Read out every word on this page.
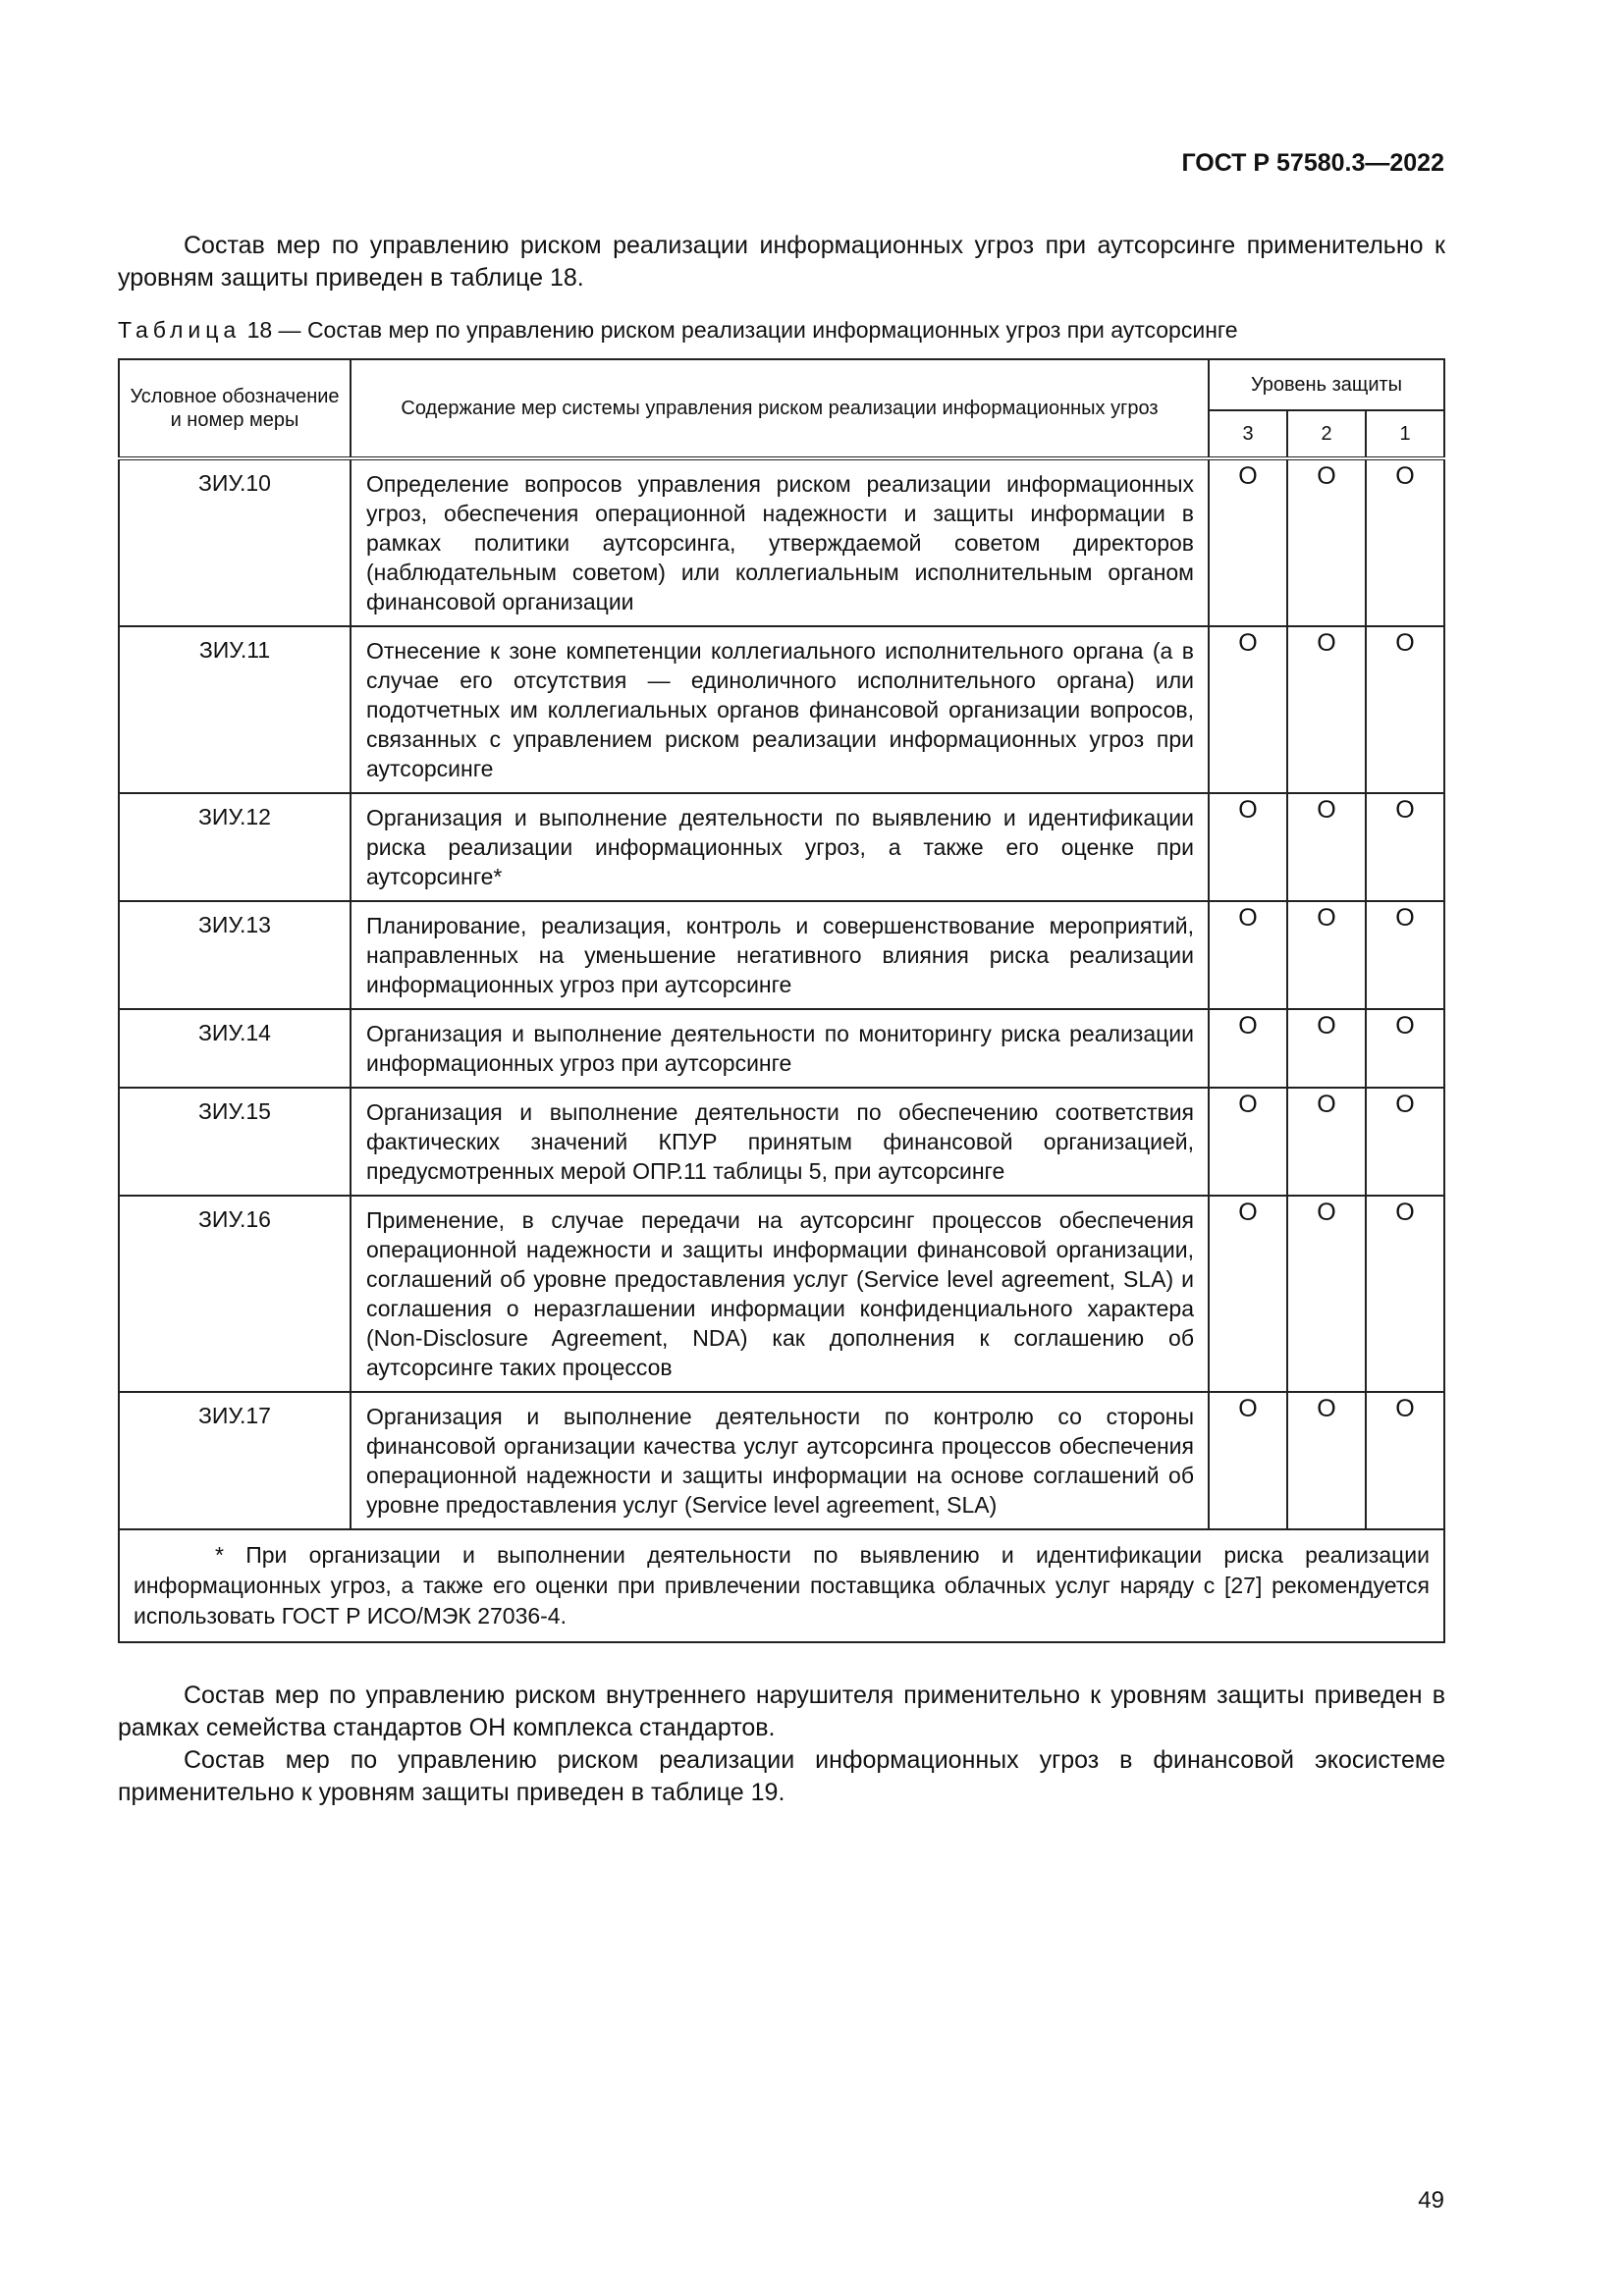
ГОСТ Р 57580.3—2022
Состав мер по управлению риском реализации информационных угроз при аутсорсинге применительно к уровням защиты приведен в таблице 18.
Таблица 18 — Состав мер по управлению риском реализации информационных угроз при аутсорсинге
Условное обозначение и номер меры	Содержание мер системы управления риском реализации информационных угроз	Уровень защиты		
		3	2	1
ЗИУ.10	Определение вопросов управления риском реализации информационных угроз, обеспечения операционной надежности и защиты информации в рамках политики аутсорсинга, утверждаемой советом директоров (наблюдательным советом) или коллегиальным исполнительным органом финансовой организации	О	О	О
ЗИУ.11	Отнесение к зоне компетенции коллегиального исполнительного органа (а в случае его отсутствия — единоличного исполнительного органа) или подотчетных им коллегиальных органов финансовой организации вопросов, связанных с управлением риском реализации информационных угроз при аутсорсинге	О	О	О
ЗИУ.12	Организация и выполнение деятельности по выявлению и идентификации риска реализации информационных угроз, а также его оценке при аутсорсинге*	О	О	О
ЗИУ.13	Планирование, реализация, контроль и совершенствование мероприятий, направленных на уменьшение негативного влияния риска реализации информационных угроз при аутсорсинге	О	О	О
ЗИУ.14	Организация и выполнение деятельности по мониторингу риска реализации информационных угроз при аутсорсинге	О	О	О
ЗИУ.15	Организация и выполнение деятельности по обеспечению соответствия фактических значений КПУР принятым финансовой организацией, предусмотренных мерой ОПР.11 таблицы 5, при аутсорсинге	О	О	О
ЗИУ.16	Применение, в случае передачи на аутсорсинг процессов обеспечения операционной надежности и защиты информации финансовой организации, соглашений об уровне предоставления услуг (Service level agreement, SLA) и соглашения о неразглашении информации конфиденциального характера (Non-Disclosure Agreement, NDA) как дополнения к соглашению об аутсорсинге таких процессов	О	О	О
ЗИУ.17	Организация и выполнение деятельности по контролю со стороны финансовой организации качества услуг аутсорсинга процессов обеспечения операционной надежности и защиты информации на основе соглашений об уровне предоставления услуг (Service level agreement, SLA)	О	О	О
* При организации и выполнении деятельности по выявлению и идентификации риска реализации информационных угроз, а также его оценки при привлечении поставщика облачных услуг наряду с [27] рекомендуется использовать ГОСТ Р ИСО/МЭК 27036-4.				
Состав мер по управлению риском внутреннего нарушителя применительно к уровням защиты приведен в рамках семейства стандартов ОН комплекса стандартов.
Состав мер по управлению риском реализации информационных угроз в финансовой экосистеме применительно к уровням защиты приведен в таблице 19.
49
